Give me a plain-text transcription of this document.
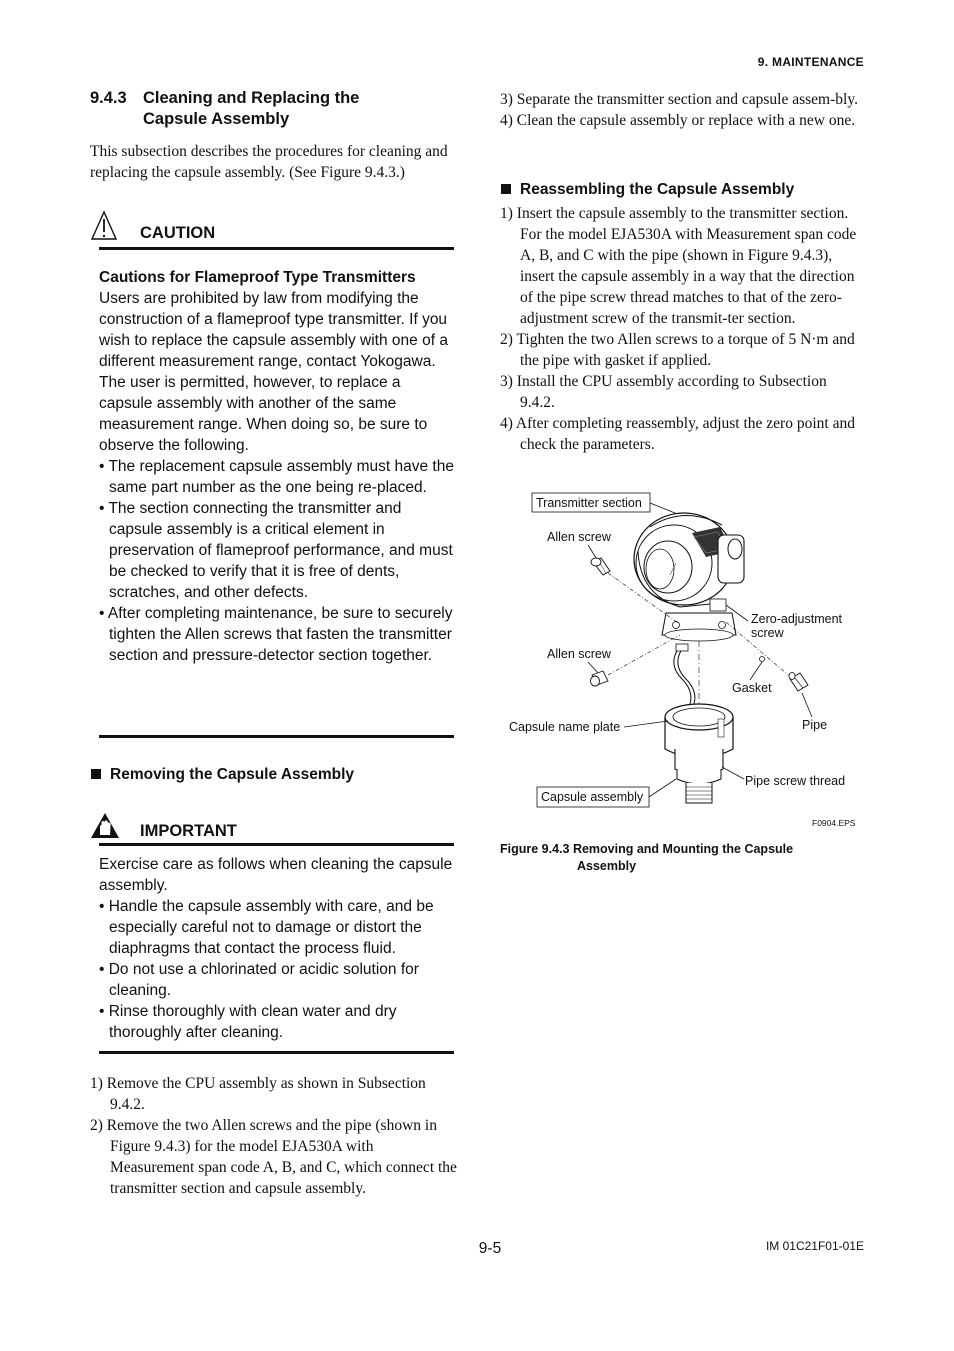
9. MAINTENANCE
9.4.3 Cleaning and Replacing the
Capsule Assembly
This subsection describes the procedures for cleaning and replacing the capsule assembly. (See Figure 9.4.3.)
CAUTION

Cautions for Flameproof Type Transmitters

Users are prohibited by law from modifying the construction of a flameproof type transmitter. If you wish to replace the capsule assembly with one of a different measurement range, contact Yokogawa.

The user is permitted, however, to replace a capsule assembly with another of the same measurement range. When doing so, be sure to observe the following.

• The replacement capsule assembly must have the same part number as the one being re-placed.

• The section connecting the transmitter and capsule assembly is a critical element in preservation of flameproof performance, and must be checked to verify that it is free of dents, scratches, and other defects.

• After completing maintenance, be sure to securely tighten the Allen screws that fasten the transmitter section and pressure-detector section together.

Removing the Capsule Assembly
IMPORTANT

Exercise care as follows when cleaning the capsule assembly.

• Handle the capsule assembly with care, and be especially careful not to damage or distort the diaphragms that contact the process fluid.

• Do not use a chlorinated or acidic solution for cleaning.

• Rinse thoroughly with clean water and dry thoroughly after cleaning.

1) Remove the CPU assembly as shown in Subsection 9.4.2.

2) Remove the two Allen screws and the pipe (shown in Figure 9.4.3) for the model EJA530A with Measurement span code A, B, and C, which connect the transmitter section and capsule assembly.

3) Separate the transmitter section and capsule assem-bly.

4) Clean the capsule assembly or replace with a new one.

Reassembling the Capsule Assembly

1) Insert the capsule assembly to the transmitter section. For the model EJA530A with Measurement span code A, B, and C with the pipe (shown in Figure 9.4.3), insert the capsule assembly in a way that the direction of the pipe screw thread matches to that of the zero-adjustment screw of the transmit-ter section.

2) Tighten the two Allen screws to a torque of 5 N·m and the pipe with gasket if applied.

3) Install the CPU assembly according to Subsection 9.4.2.

4) After completing reassembly, adjust the zero point and check the parameters.

Transmitter section
Allen screw
Zero-adjustment
screw
Allen screw
Gasket
Pipe
Capsule name plate
Pipe screw thread
Capsule assembly
F0904.EPS
Figure 9.4.3 Removing and Mounting the Capsule
Assembly
9-5	IM 01C21F01-01E
